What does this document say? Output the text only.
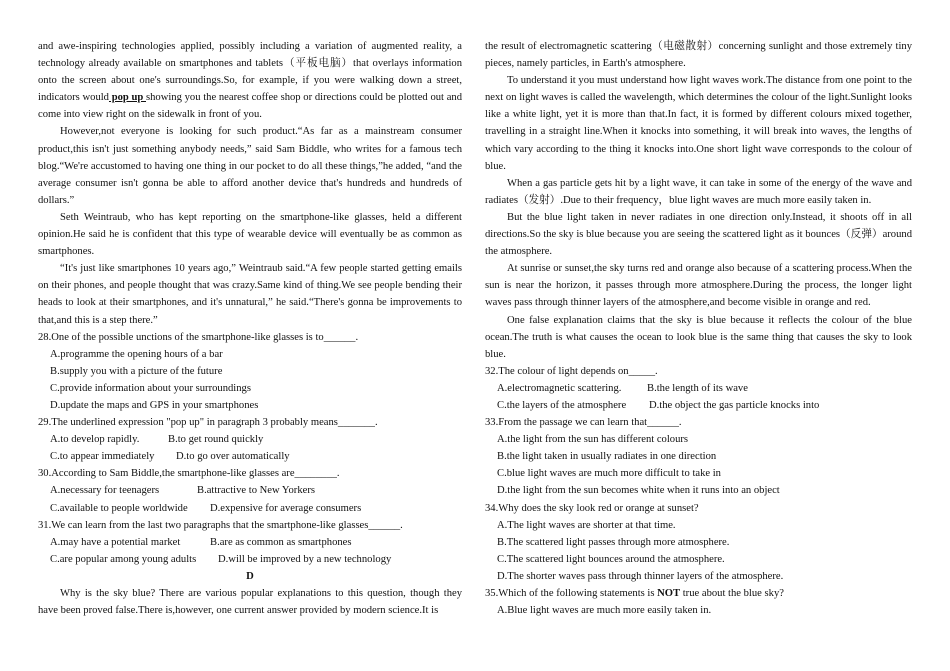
and awe-inspiring technologies applied, possibly including a variation of augmented reality, a technology already available on smartphones and tablets（平板电脑）that overlays information onto the screen about one's surroundings.So, for example, if you were walking down a street, indicators would pop up showing you the nearest coffee shop or directions could be plotted out and come into view right on the sidewalk in front of you.

However,not everyone is looking for such product.“As far as a mainstream consumer product,this isn't just something anybody needs,” said Sam Biddle, who writes for a famous tech blog.“We're accustomed to having one thing in our pocket to do all these things,”he added, “and the average consumer isn't gonna be able to afford another device that's hundreds and hundreds of dollars.”

Seth Weintraub, who has kept reporting on the smartphone-like glasses, held a different opinion.He said he is confident that this type of wearable device will eventually be as common as smartphones.

“It's just like smartphones 10 years ago,” Weintraub said.“A few people started getting emails on their phones, and people thought that was crazy.Same kind of thing.We see people bending their heads to look at their smartphones, and it's unnatural,” he said.“There's gonna be improvements to that,and this is a step there.”

28.One of the possible unctions of the smartphone-like glasses is to______.

A.programme the opening hours of a bar

B.supply you with a picture of the future

C.provide information about your surroundings

D.update the maps and GPS in your smartphones

29.The underlined expression "pop up" in paragraph 3 probably means_______.

A.to develop rapidly.	B.to get round quickly

C.to appear immediately	D.to go over automatically

30.According to Sam Biddle,the smartphone-like glasses are________.

A.necessary for teenagers	B.attractive to New Yorkers

C.available to people worldwide	D.expensive for average consumers

31.We can learn from the last two paragraphs that the smartphone-like glasses______.

A.may have a potential market	B.are as common as smartphones

C.are popular among young adults	D.will be improved by a new technology

D

Why is the sky blue? There are various popular explanations to this question, though they have been proved false.There is,however, one current answer provided by modern science.It is

the result of electromagnetic scattering（电磁散射）concerning sunlight and those extremely tiny pieces, namely particles, in Earth's atmosphere.

To understand it you must understand how light waves work.The distance from one point to the next on light waves is called the wavelength, which determines the colour of the light.Sunlight looks like a white light, yet it is more than that.In fact, it is formed by different colours mixed together, travelling in a straight line.When it knocks into something, it will break into waves, the lengths of which vary according to the thing it knocks into.One short light wave corresponds to the colour of blue.

When a gas particle gets hit by a light wave, it can take in some of the energy of the wave and radiates（发射）.Due to their frequency，blue light waves are much more easily taken in.

But the blue light taken in never radiates in one direction only.Instead, it shoots off in all directions.So the sky is blue because you are seeing the scattered light as it bounces（反弹）around the atmosphere.

At sunrise or sunset,the sky turns red and orange also because of a scattering process.When the sun is near the horizon, it passes through more atmosphere.During the process, the longer light waves pass through thinner layers of the atmosphere,and become visible in orange and red.

One false explanation claims that the sky is blue because it reflects the colour of the blue ocean.The truth is what causes the ocean to look blue is the same thing that causes the sky to look blue.

32.The colour of light depends on_____.

A.electromagnetic scattering.	B.the length of its wave

C.the layers of the atmosphere	D.the object the gas particle knocks into

33.From the passage we can learn that______.

A.the light from the sun has different colours

B.the light taken in usually radiates in one direction

C.blue light waves are much more difficult to take in

D.the light from the sun becomes white when it runs into an object

34.Why does the sky look red or orange at sunset?

A.The light waves are shorter at that time.

B.The scattered light passes through more atmosphere.

C.The scattered light bounces around the atmosphere.

D.The shorter waves pass through thinner layers of the atmosphere.

35.Which of the following statements is NOT true about the blue sky?

A.Blue light waves are much more easily taken in.
